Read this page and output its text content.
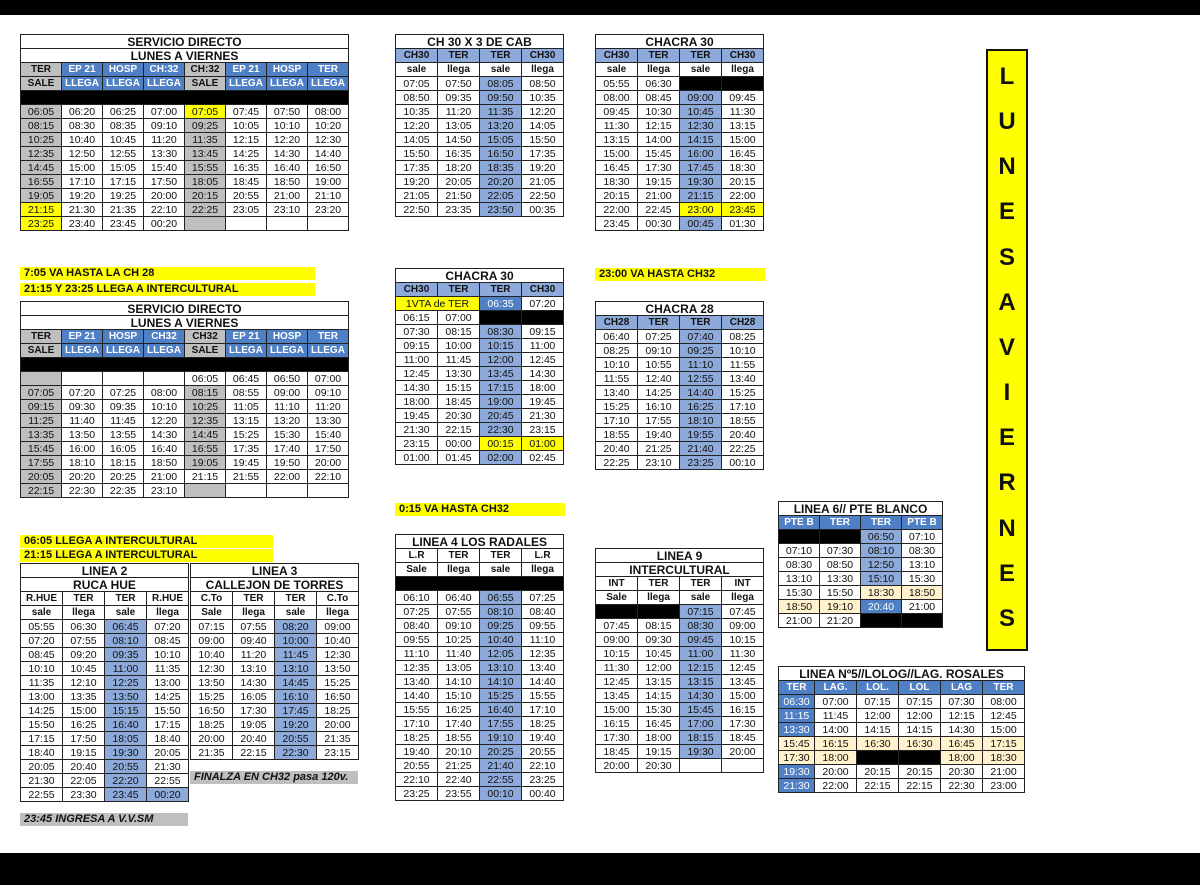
SERVICIO DIRECTO							
LUNES A VIERNES							
TER	EP 21	HOSP	CH:32	CH:32	EP 21	HOSP	TER
SALE	LLEGA	LLEGA	LLEGA	SALE	LLEGA	LLEGA	LLEGA

06:05	06:20	06:25	07:00	07:05	07:45	07:50	08:00
08:15	08:30	08:35	09:10	09:25	10:05	10:10	10:20
10:25	10:40	10:45	11:20	11:35	12:15	12:20	12:30
12:35	12:50	12:55	13:30	13:45	14:25	14:30	14:40
14:45	15:00	15:05	15:40	15:55	16:35	16:40	16:50
16:55	17:10	17:15	17:50	18:05	18:45	18:50	19:00
19:05	19:20	19:25	20:00	20:15	20:55	21:00	21:10
21:15	21:30	21:35	22:10	22:25	23:05	23:10	23:20
23:25	23:40	23:45	00:20				
SERVICIO DIRECTO							
LUNES A VIERNES							
TER	EP 21	HOSP	CH32	CH32	EP 21	HOSP	TER
SALE	LLEGA	LLEGA	LLEGA	SALE	LLEGA	LLEGA	LLEGA

				06:05	06:45	06:50	07:00
07:05	07:20	07:25	08:00	08:15	08:55	09:00	09:10
09:15	09:30	09:35	10:10	10:25	11:05	11:10	11:20
11:25	11:40	11:45	12:20	12:35	13:15	13:20	13:30
13:35	13:50	13:55	14:30	14:45	15:25	15:30	15:40
15:45	16:00	16:05	16:40	16:55	17:35	17:40	17:50
17:55	18:10	18:15	18:50	19:05	19:45	19:50	20:00
20:05	20:20	20:25	21:00	21:15	21:55	22:00	22:10
22:15	22:30	22:35	23:10				
LINEA 2			
RUCA HUE			
R.HUE	TER	TER	R.HUE
sale	llega	sale	llega
05:55	06:30	06:45	07:20
07:20	07:55	08:10	08:45
08:45	09:20	09:35	10:10
10:10	10:45	11:00	11:35
11:35	12:10	12:25	13:00
13:00	13:35	13:50	14:25
14:25	15:00	15:15	15:50
15:50	16:25	16:40	17:15
17:15	17:50	18:05	18:40
18:40	19:15	19:30	20:05
20:05	20:40	20:55	21:30
21:30	22:05	22:20	22:55
22:55	23:30	23:45	00:20
LINEA 3			
CALLEJON DE TORRES			
C.To	TER	TER	C.To
Sale	llega	sale	llega
07:15	07:55	08:20	09:00
09:00	09:40	10:00	10:40
10:40	11:20	11:45	12:30
12:30	13:10	13:10	13:50
13:50	14:30	14:45	15:25
15:25	16:05	16:10	16:50
16:50	17:30	17:45	18:25
18:25	19:05	19:20	20:00
20:00	20:40	20:55	21:35
21:35	22:15	22:30	23:15
CH 30 X 3 DE CAB			
CH30	TER	TER	CH30
sale	llega	sale	llega
07:05	07:50	08:05	08:50
08:50	09:35	09:50	10:35
10:35	11:20	11:35	12:20
12:20	13:05	13:20	14:05
14:05	14:50	15:05	15:50
15:50	16:35	16:50	17:35
17:35	18:20	18:35	19:20
19:20	20:05	20:20	21:05
21:05	21:50	22:05	22:50
22:50	23:35	23:50	00:35
CHACRA 30			
CH30	TER	TER	CH30
1VTA de TER		06:35	07:20
06:15	07:00		
07:30	08:15	08:30	09:15
09:15	10:00	10:15	11:00
11:00	11:45	12:00	12:45
12:45	13:30	13:45	14:30
14:30	15:15	17:15	18:00
18:00	18:45	19:00	19:45
19:45	20:30	20:45	21:30
21:30	22:15	22:30	23:15
23:15	00:00	00:15	01:00
01:00	01:45	02:00	02:45
LINEA 4 LOS RADALES			
L.R	TER	TER	L.R
Sale	llega	sale	llega

06:10	06:40	06:55	07:25
07:25	07:55	08:10	08:40
08:40	09:10	09:25	09:55
09:55	10:25	10:40	11:10
11:10	11:40	12:05	12:35
12:35	13:05	13:10	13:40
13:40	14:10	14:10	14:40
14:40	15:10	15:25	15:55
15:55	16:25	16:40	17:10
17:10	17:40	17:55	18:25
18:25	18:55	19:10	19:40
19:40	20:10	20:25	20:55
20:55	21:25	21:40	22:10
22:10	22:40	22:55	23:25
23:25	23:55	00:10	00:40
CHACRA 30			
CH30	TER	TER	CH30
sale	llega	sale	llega
05:55	06:30		
08:00	08:45	09:00	09:45
09:45	10:30	10:45	11:30
11:30	12:15	12:30	13:15
13:15	14:00	14:15	15:00
15:00	15:45	16:00	16:45
16:45	17:30	17:45	18:30
18:30	19:15	19:30	20:15
20:15	21:00	21:15	22:00
22:00	22:45	23:00	23:45
23:45	00:30	00:45	01:30
CHACRA 28			
CH28	TER	TER	CH28
06:40	07:25	07:40	08:25
08:25	09:10	09:25	10:10
10:10	10:55	11:10	11:55
11:55	12:40	12:55	13:40
13:40	14:25	14:40	15:25
15:25	16:10	16:25	17:10
17:10	17:55	18:10	18:55
18:55	19:40	19:55	20:40
20:40	21:25	21:40	22:25
22:25	23:10	23:25	00:10
LINEA 9			
INTERCULTURAL			
INT	TER	TER	INT
Sale	llega	sale	llega
		07:15	07:45
07:45	08:15	08:30	09:00
09:00	09:30	09:45	10:15
10:15	10:45	11:00	11:30
11:30	12:00	12:15	12:45
12:45	13:15	13:15	13:45
13:45	14:15	14:30	15:00
15:00	15:30	15:45	16:15
16:15	16:45	17:00	17:30
17:30	18:00	18:15	18:45
18:45	19:15	19:30	20:00
20:00	20:30		
LINEA 6// PTE BLANCO			
PTE B	TER	TER	PTE B
		06:50	07:10
07:10	07:30	08:10	08:30
08:30	08:50	12:50	13:10
13:10	13:30	15:10	15:30
15:30	15:50	18:30	18:50
18:50	19:10	20:40	21:00
21:00	21:20		
LINEA Nº5//LOLOG//LAG. ROSALES					
TER	LAG.	LOL.	LOL	LAG	TER
06:30	07:00	07:15	07:15	07:30	08:00
11:15	11:45	12:00	12:00	12:15	12:45
13:30	14:00	14:15	14:15	14:30	15:00
15:45	16:15	16:30	16:30	16:45	17:15
17:30	18:00			18:00	18:30
19:30	20:00	20:15	20:15	20:30	21:00
21:30	22:00	22:15	22:15	22:30	23:00
7:05 VA HASTA LA CH 28
21:15 Y 23:25 LLEGA A INTERCULTURAL
06:05 LLEGA A INTERCULTURAL
21:15 LLEGA A INTERCULTURAL
23:45 INGRESA A V.V.SM
0:15 VA HASTA CH32
23:00 VA HASTA CH32
FINALZA EN CH32 pasa 120v.
L
U
N
E
S
A
V
I
E
R
N
E
S
